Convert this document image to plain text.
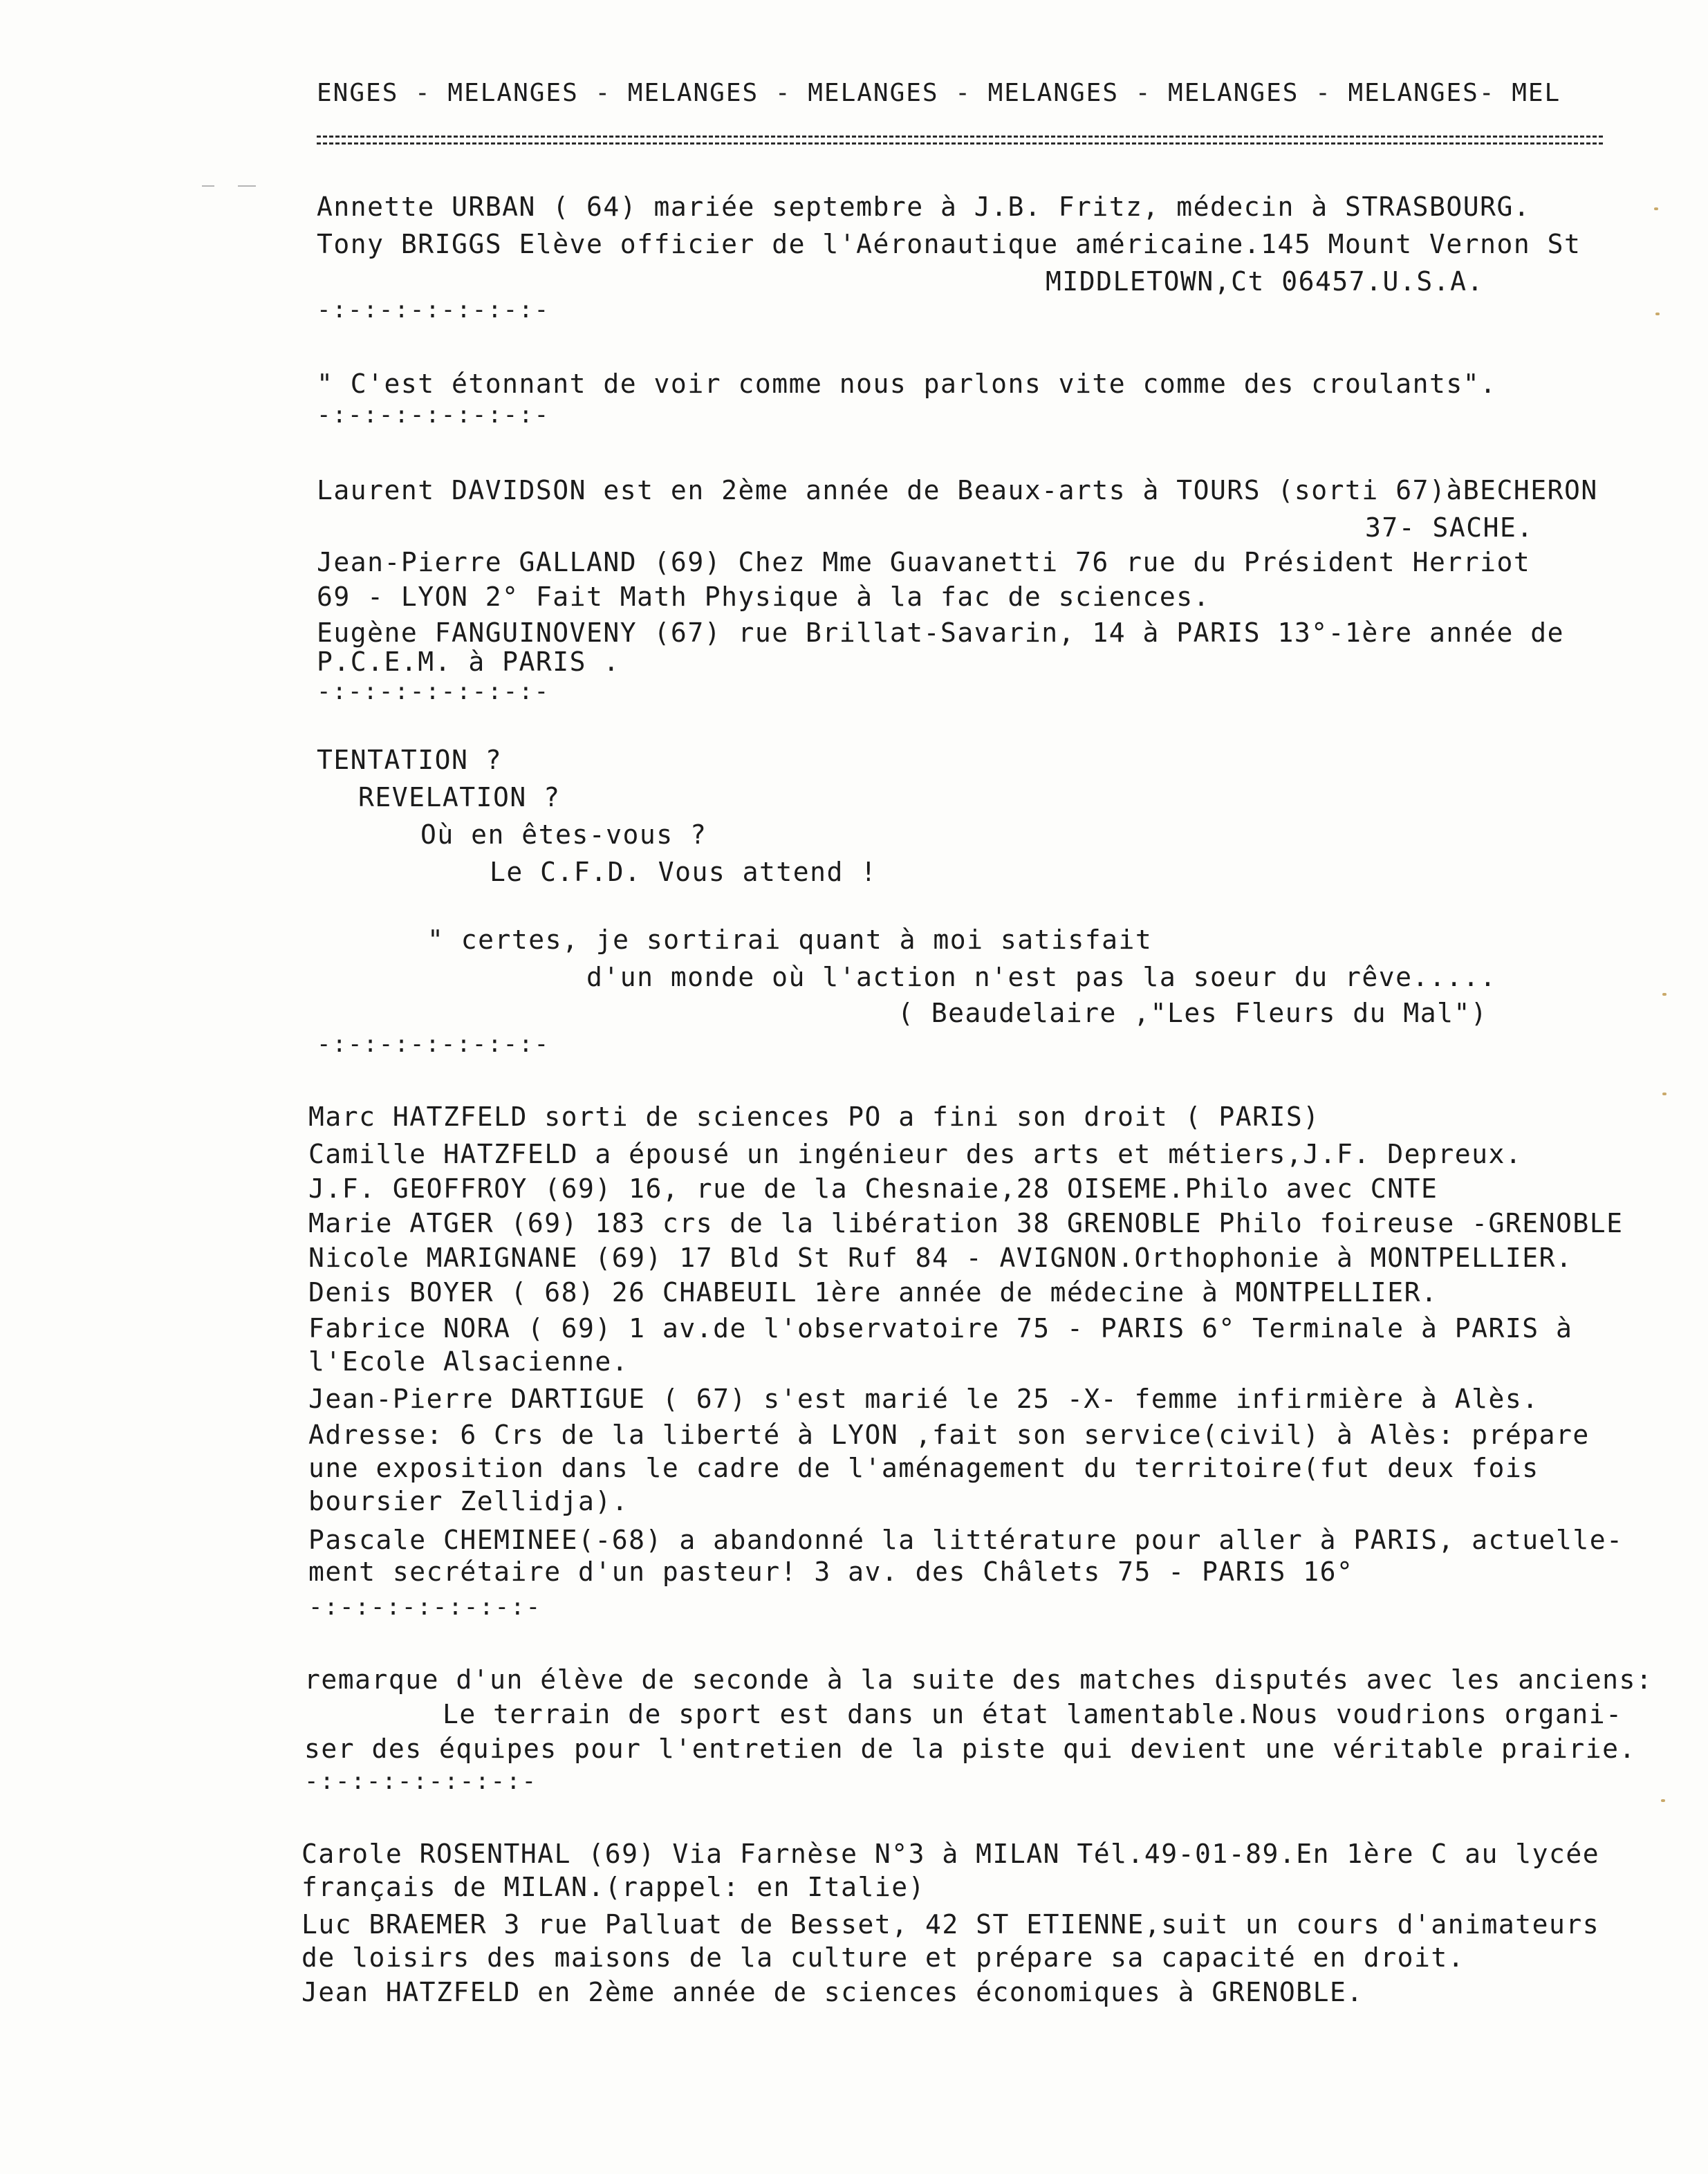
ENGES - MELANGES - MELANGES - MELANGES - MELANGES - MELANGES - MELANGES- MEL
Annette URBAN ( 64) mariée septembre à J.B. Fritz, médecin à STRASBOURG.
Tony BRIGGS Elève officier de l'Aéronautique américaine.145 Mount Vernon St
MIDDLETOWN,Ct 06457.U.S.A.
-:-:-:-:-:-:-:-
" C'est étonnant de voir comme nous parlons vite comme des croulants".
-:-:-:-:-:-:-:-
Laurent DAVIDSON est en 2ème année de Beaux-arts à TOURS (sorti 67)àBECHERON
37- SACHE.
Jean-Pierre GALLAND (69) Chez Mme Guavanetti 76 rue du Président Herriot
69 - LYON 2° Fait Math Physique à la fac de sciences.
Eugène FANGUINOVENY (67) rue Brillat-Savarin, 14 à PARIS 13°-1ère année de
P.C.E.M. à PARIS .
-:-:-:-:-:-:-:-
TENTATION ?
REVELATION ?
Où en êtes-vous ?
Le C.F.D. Vous attend !
" certes, je sortirai quant à moi satisfait
d'un monde où l'action n'est pas la soeur du rêve.....
( Beaudelaire ,"Les Fleurs du Mal")
-:-:-:-:-:-:-:-
Marc HATZFELD sorti de sciences PO a fini son droit ( PARIS)
Camille HATZFELD a épousé un ingénieur des arts et métiers,J.F. Depreux.
J.F. GEOFFROY (69) 16, rue de la Chesnaie,28 OISEME.Philo avec CNTE
Marie ATGER (69) 183 crs de la libération 38 GRENOBLE Philo foireuse -GRENOBLE
Nicole MARIGNANE (69) 17 Bld St Ruf 84 - AVIGNON.Orthophonie à MONTPELLIER.
Denis BOYER ( 68) 26 CHABEUIL 1ère année de médecine à MONTPELLIER.
Fabrice NORA ( 69) 1 av.de l'observatoire 75 - PARIS 6° Terminale à PARIS à
l'Ecole Alsacienne.
Jean-Pierre DARTIGUE ( 67) s'est marié le 25 -X- femme infirmière à Alès.
Adresse: 6 Crs de la liberté à LYON ,fait son service(civil) à Alès: prépare
une exposition dans le cadre de l'aménagement du territoire(fut deux fois
boursier Zellidja).
Pascale CHEMINEE(-68) a abandonné la littérature pour aller à PARIS, actuelle-
ment secrétaire d'un pasteur! 3 av. des Châlets 75 - PARIS 16°
-:-:-:-:-:-:-:-
remarque d'un élève de seconde à la suite des matches disputés avec les anciens:
Le terrain de sport est dans un état lamentable.Nous voudrions organi-
ser des équipes pour l'entretien de la piste qui devient une véritable prairie.
-:-:-:-:-:-:-:-
Carole ROSENTHAL (69) Via Farnèse N°3 à MILAN Tél.49-01-89.En 1ère C au lycée
français de MILAN.(rappel: en Italie)
Luc BRAEMER 3 rue Palluat de Besset, 42 ST ETIENNE,suit un cours d'animateurs
de loisirs des maisons de la culture et prépare sa capacité en droit.
Jean HATZFELD en 2ème année de sciences économiques à GRENOBLE.
